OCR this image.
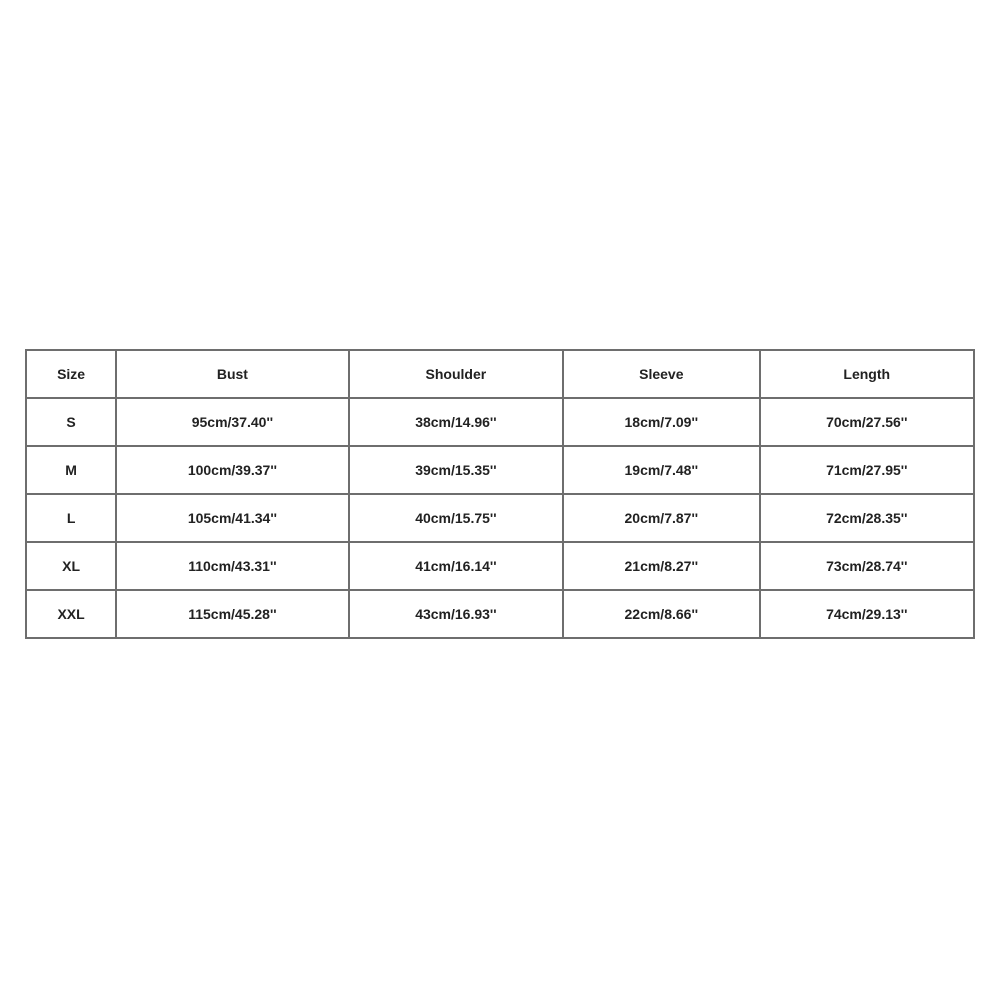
Size	Bust	Shoulder	Sleeve	Length
S	95cm/37.40''	38cm/14.96''	18cm/7.09''	70cm/27.56''
M	100cm/39.37''	39cm/15.35''	19cm/7.48''	71cm/27.95''
L	105cm/41.34''	40cm/15.75''	20cm/7.87''	72cm/28.35''
XL	110cm/43.31''	41cm/16.14''	21cm/8.27''	73cm/28.74''
XXL	115cm/45.28''	43cm/16.93''	22cm/8.66''	74cm/29.13''
